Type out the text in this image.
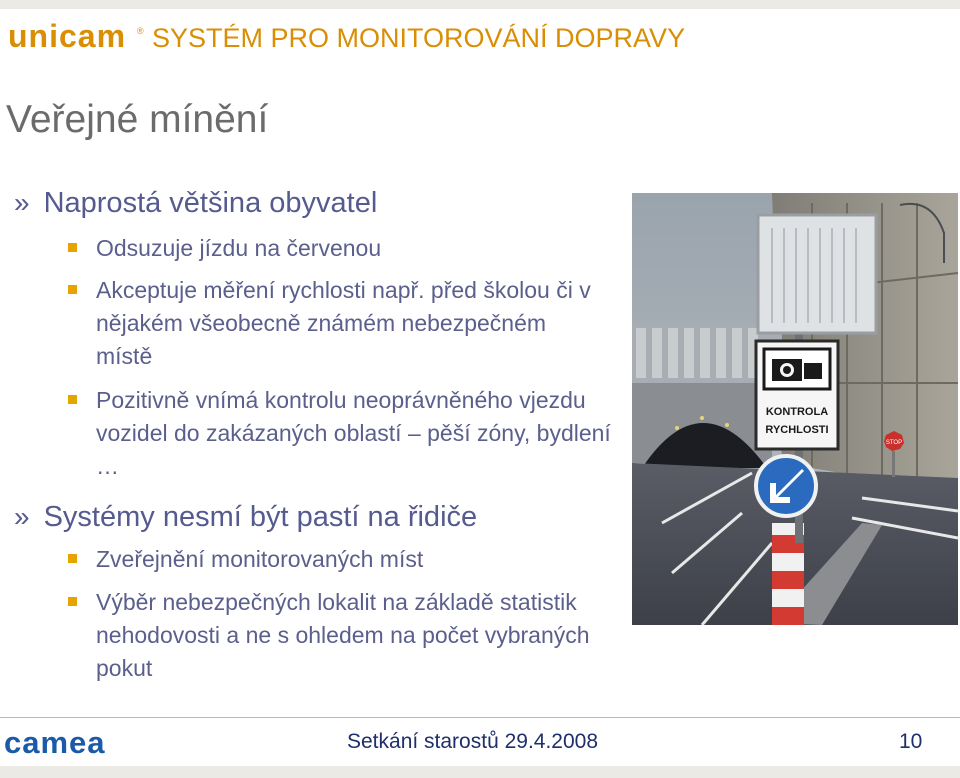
unicam ® SYSTÉM PRO MONITOROVÁNÍ DOPRAVY
Veřejné mínění
» Naprostá většina obyvatel
Odsuzuje jízdu na červenou
Akceptuje měření rychlosti např. před školou či v nějakém všeobecně známém nebezpečném místě
Pozitivně vnímá kontrolu neoprávněného vjezdu vozidel do zakázaných oblastí – pěší zóny, bydlení …
» Systémy nesmí být pastí na řidiče
Zveřejnění monitorovaných míst
Výběr nebezpečných lokalit na základě statistik nehodovosti a ne s ohledem na počet vybraných pokut
KONTROLA
RYCHLOSTI
STOP
camea	Setkání starostů 29.4.2008	10
